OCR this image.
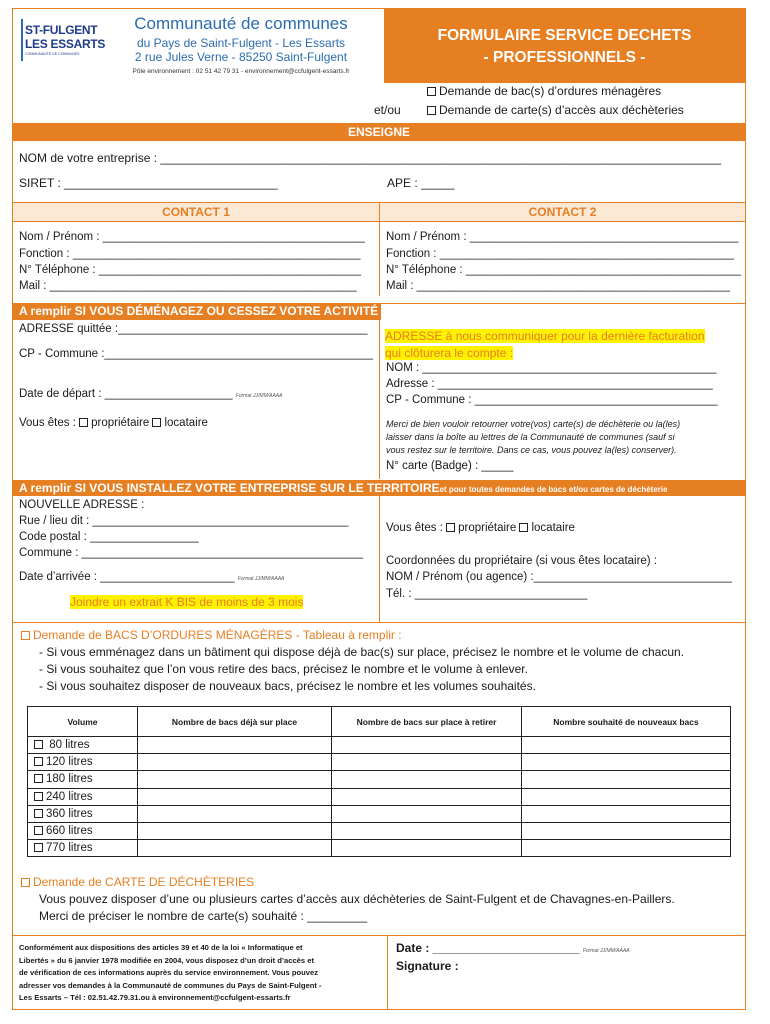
ST-FULGENT
LES ESSARTS
COMMUNAUTÉ DE COMMUNES
Communauté de communes
du Pays de Saint-Fulgent - Les Essarts
2 rue Jules Verne - 85250 Saint-Fulgent
Pôle environnement : 02 51 42 79 31 - environnement@ccfulgent-essarts.fr
FORMULAIRE SERVICE DECHETS
- PROFESSIONNELS -
Demande de bac(s) d’ordures ménagères
et/ou	Demande de carte(s) d’accès aux déchèteries
ENSEIGNE
NOM de votre entreprise : ____________________________________________________________________________________
SIRET : ________________________________	APE : _____
CONTACT 1	CONTACT 2
Nom / Prénom : _________________________________________
Fonction : _____________________________________________
N° Téléphone : _________________________________________
Mail : ________________________________________________
Nom / Prénom : __________________________________________
Fonction : ______________________________________________
N° Téléphone : ___________________________________________
Mail : _________________________________________________
A remplir SI VOUS DÉMÉNAGEZ OU CESSEZ VOTRE ACTIVITÉ
ADRESSE quittée :_______________________________________
CP - Commune :__________________________________________
Date de départ : ____________________ Format JJ/MM/AAAA
Vous êtes : propriétaire locataire
ADRESSE à nous communiquer pour la dernière facturation
qui clôturera le compte :
NOM : ______________________________________________
Adresse : ___________________________________________
CP - Commune : ______________________________________
Merci de bien vouloir retourner votre(vos) carte(s) de déchèterie ou la(les)
laisser dans la boîte au lettres de la Communauté de communes (sauf si
vous restez sur le territoire. Dans ce cas, vous pouvez la(les) conserver).
N° carte (Badge) : _____
A remplir SI VOUS INSTALLEZ VOTRE ENTREPRISE SUR LE TERRITOIREet pour toutes demandes de bacs et/ou cartes de déchèterie
NOUVELLE ADRESSE :
Rue / lieu dit : ________________________________________
Code postal : _________________
Commune : ____________________________________________
Date d’arrivée : _____________________ Format JJ/MM/AAAA
Joindre un extrait K BIS de moins de 3 mois
Vous êtes : propriétaire locataire
Coordonnées du propriétaire (si vous êtes locataire) :
NOM / Prénom (ou agence) :_______________________________
Tél. : ___________________________
Demande de BACS D’ORDURES MÉNAGÈRES - Tableau à remplir :
- Si vous emménagez dans un bâtiment qui dispose déjà de bac(s) sur place, précisez le nombre et le volume de chacun.
- Si vous souhaitez que l’on vous retire des bacs, précisez le nombre et le volume à enlever.
- Si vous souhaitez disposer de nouveaux bacs, précisez le nombre et les volumes souhaités.
Volume	Nombre de bacs déjà sur place	Nombre de bacs sur place à retirer	Nombre souhaité de nouveaux bacs
80 litres			
120 litres			
180 litres			
240 litres			
360 litres			
660 litres			
770 litres			
Demande de CARTE DE DÉCHÈTERIES
Vous pouvez disposer d’une ou plusieurs cartes d’accès aux déchèteries de Saint-Fulgent et de Chavagnes-en-Paillers.
Merci de préciser le nombre de carte(s) souhaité : _________
Conformément aux dispositions des articles 39 et 40 de la loi « Informatique et
Libertés » du 6 janvier 1978 modifiée en 2004, vous disposez d’un droit d’accès et
de vérification de ces informations auprès du service environnement. Vous pouvez
adresser vos demandes à la Communauté de communes du Pays de Saint-Fulgent -
Les Essarts – Tél : 02.51.42.79.31.ou à environnement@ccfulgent-essarts.fr
Date : ______________________ Format JJ/MM/AAAA
Signature :
